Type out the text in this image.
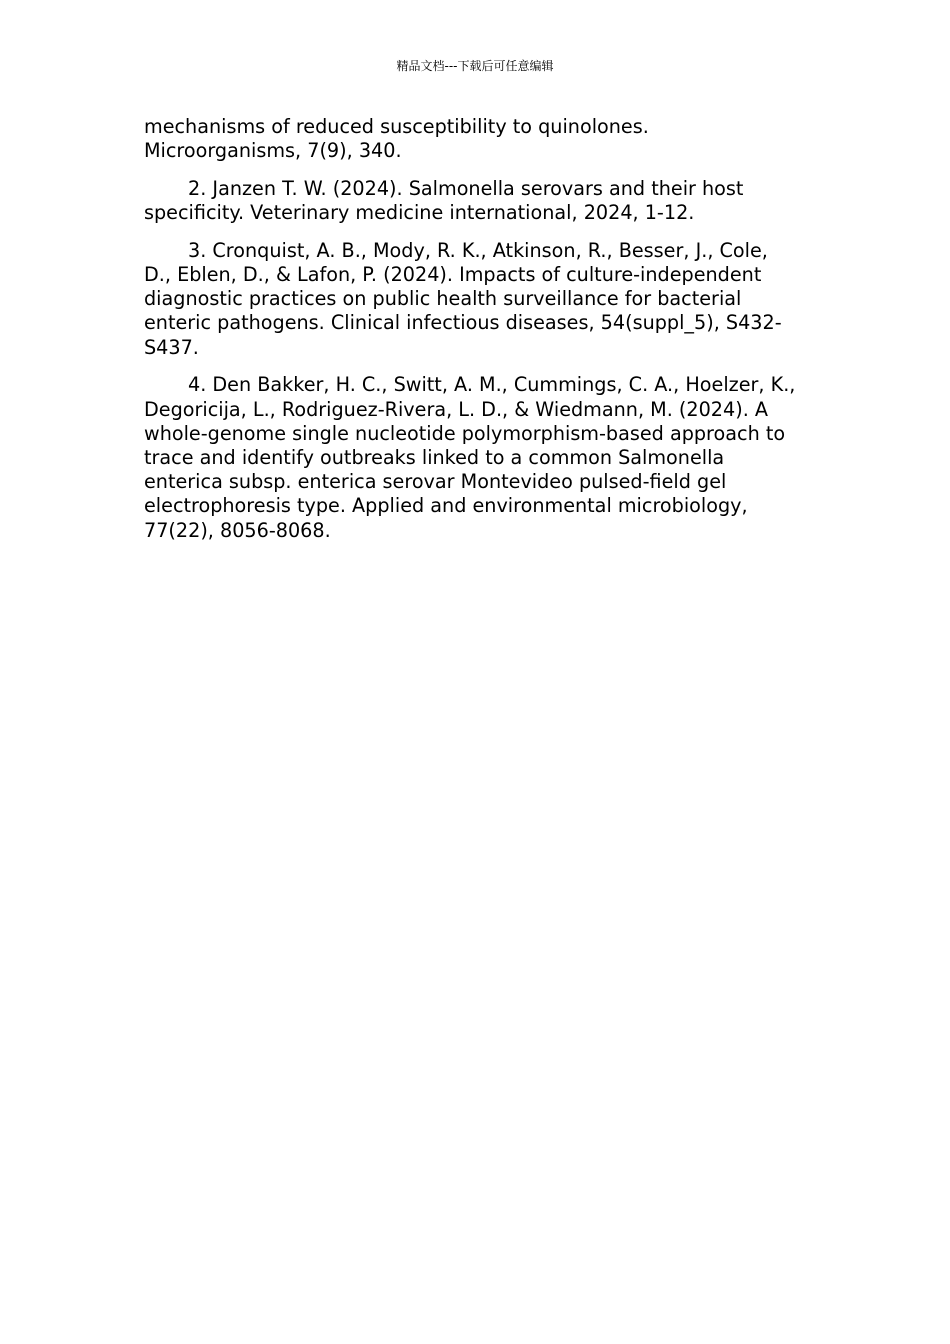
精品文档---下载后可任意编辑

mechanisms of reduced susceptibility to quinolones. Microorganisms, 7(9), 340.

2. Janzen T. W. (2024). Salmonella serovars and their host specificity. Veterinary medicine international, 2024, 1-12.

3. Cronquist, A. B., Mody, R. K., Atkinson, R., Besser, J., Cole, D., Eblen, D., & Lafon, P. (2024). Impacts of culture-independent diagnostic practices on public health surveillance for bacterial enteric pathogens. Clinical infectious diseases, 54(suppl_5), S432-S437.

4. Den Bakker, H. C., Switt, A. M., Cummings, C. A., Hoelzer, K., Degoricija, L., Rodriguez-Rivera, L. D., & Wiedmann, M. (2024). A whole-genome single nucleotide polymorphism-based approach to trace and identify outbreaks linked to a common Salmonella enterica subsp. enterica serovar Montevideo pulsed-field gel electrophoresis type. Applied and environmental microbiology, 77(22), 8056-8068.
